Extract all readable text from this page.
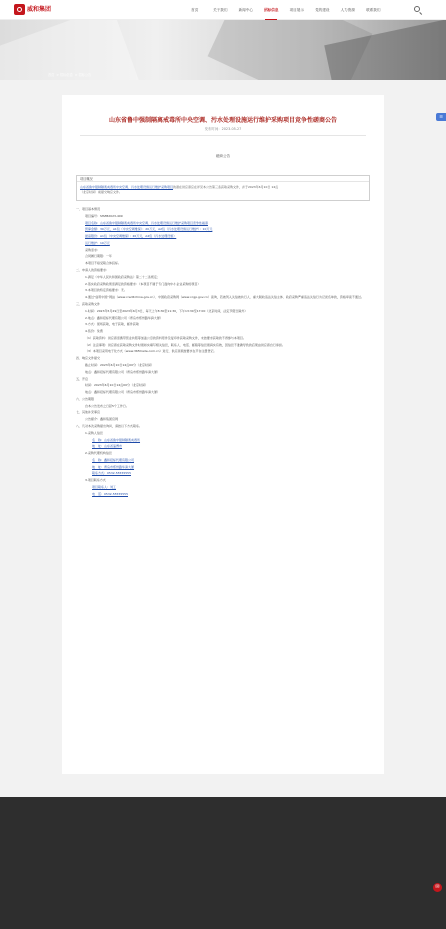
威和集团	首页	关于我们	新闻中心	招标信息	项目展示	党的建设	人力资源	联系我们
首页 > 招标信息 > 招标公告
☰
山东省鲁中强制隔离戒毒所中央空调、污水处理设施运行维护采购项目竞争性磋商公告
发布时间：2023-05-27
磋商公告
项目概况
山东省鲁中强制隔离戒毒所中央空调、污水处理设施运行维护采购项目的潜在供应商应在详见本公告第三条获取采购文件，并于2023年6月10日 14点
（北京时间）前提交响应文件。

一、项目基本情况

项目编号：SHZB2023-409

项目名称：山东省鲁中强制隔离戒毒所中央空调、污水处理设施运行维护采购项目竞争性磋商

预算金额：30万元，A1包（中央空调维保）：20万元，A2包（污水处理设施运行维护）：10万元

最高限价：A1包（中央空调维保）：20万元，A2包（污水处理设施）

运行维护：10万元

采购需求：

合同履行期限：一年

本项目不接受联合体投标。

二、申请人的资格要求：

1.满足《中华人民共和国政府采购法》第二十二条规定；

2.落实政府采购政策需满足的资格要求：（本项目不属于专门面向中小企业采购的项目）

3.本项目的特定资格要求：无。

4.通过“信用中国”网站（www.creditchina.gov.cn）、中国政府采购网（www.ccgp.gov.cn）查询，若被列入失信被执行人、重大税收违法失信主体、政府采购严重违法失信行为记录名单的，资格审查不通过。

三、获取采购文件

1.时间：2023年5月29日至2023年6月3日，每天上午8:30至11:30，下午13:30至17:00（北京时间，法定节假日除外）

2.地点：鑫和招标代理有限公司（青岛市郑州路华润大厦）

3.方式：现场获取，电子获取，邮件获取

4.售价：免费

（1）获取资料：供应商需携带营业执照等加盖公章的资料原件及复印件获取采购文件，未按要求获取的不得参与本项目。

（2）注意事项：供应商在获取采购文件时须如实填写相关信息，联系人、电话、邮箱等信息须真实有效，因信息不准确导致的后果由供应商自行承担。

（3）本项目采用电子化方式（www.365trade.com.cn）进行，供应商须按要求在平台注册登记。

四、响应文件提交

截止时间：2023年6月10日14点00分（北京时间）

地点：鑫和招标代理有限公司（青岛市郑州路华润大厦）

五、开启

时间：2023年6月10日14点00分（北京时间）

地点：鑫和招标代理有限公司（青岛市郑州路华润大厦）

六、公告期限

自本公告发布之日起5个工作日。

七、其他补充事宜

公告媒介：鑫和集团官网

八、凡对本次采购提出询问，请按以下方式联系。

1.采购人信息

名　称：山东省鲁中强制隔离戒毒所

地　址：山东省淄博市

2.采购代理机构信息

名　称：鑫和招标代理有限公司

地　址：青岛市郑州路华润大厦

联系方式：0532-55555555

3.项目联系方式

项目联系人：刘工

电　话：0532-55555555

✉
